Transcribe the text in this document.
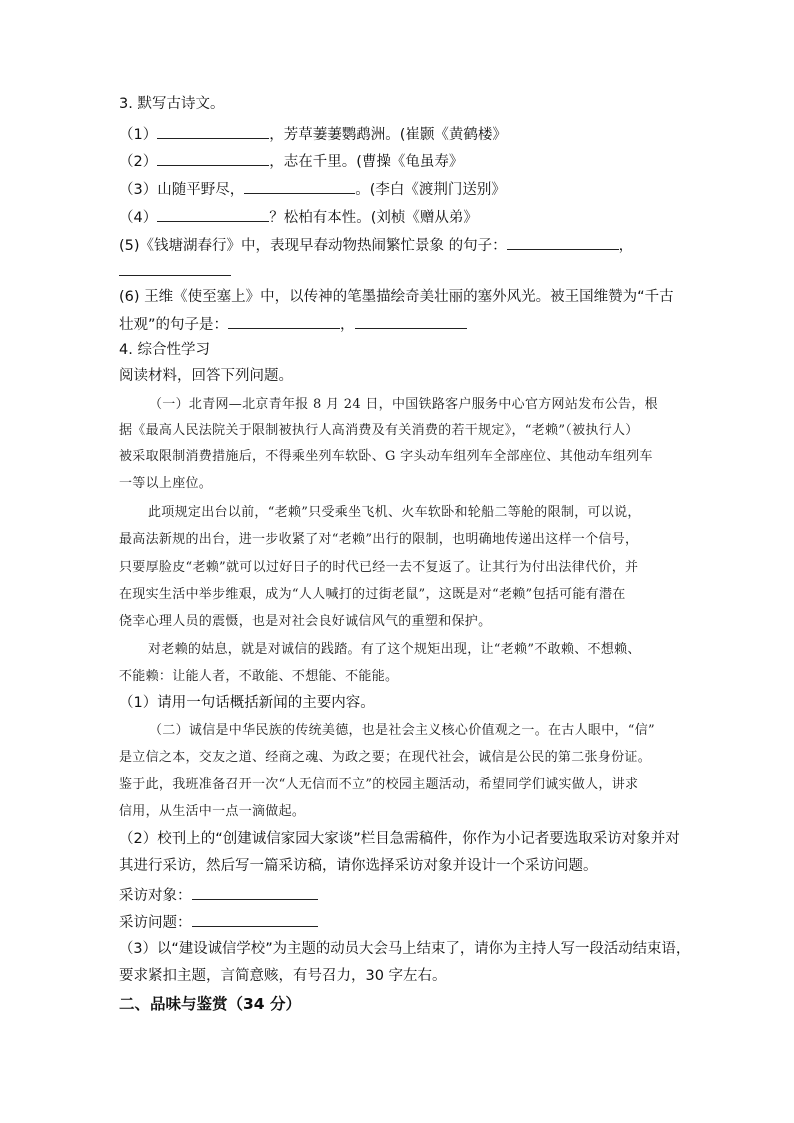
3. 默写古诗文。
（1）	，芳草萋萋鹦鹉洲。(崔颢《黄鹤楼》
（2）	，志在千里。(曹操《龟虽寿》
（3）山随平野尽，	。(李白《渡荆门送别》
（4）	？松柏有本性。(刘桢《赠从弟》
(5)《钱塘湖春行》中，表现早春动物热闹繁忙景象 的句子：	，
(6) 王维《使至塞上》中，以传神的笔墨描绘奇美壮丽的塞外风光。被王国维赞为“千古
壮观”的句子是：	，
4. 综合性学习
阅读材料，回答下列问题。
（一）北青网—北京青年报 8 月 24 日，中国铁路客户服务中心官方网站发布公告，根
据《最高人民法院关于限制被执行人高消费及有关消费的若干规定》，“老赖”（被执行人）
被采取限制消费措施后，不得乘坐列车软卧、G 字头动车组列车全部座位、其他动车组列车
一等以上座位。
此项规定出台以前，“老赖”只受乘坐飞机、火车软卧和轮船二等舱的限制，可以说，
最高法新规的出台，进一步收紧了对“老赖”出行的限制，也明确地传递出这样一个信号，
只要厚脸皮“老赖”就可以过好日子的时代已经一去不复返了。让其行为付出法律代价，并
在现实生活中举步维艰，成为“人人喊打的过街老鼠”，这既是对“老赖”包括可能有潜在
侥幸心理人员的震慑，也是对社会良好诚信风气的重塑和保护。
对老赖的姑息，就是对诚信的践踏。有了这个规矩出现，让“老赖”不敢赖、不想赖、
不能赖：让能人者，不敢能、不想能、不能能。
（1）请用一句话概括新闻的主要内容。
（二）诚信是中华民族的传统美德，也是社会主义核心价值观之一。在古人眼中，“信”
是立信之本，交友之道、经商之魂、为政之要；在现代社会，诚信是公民的第二张身份证。
鉴于此，我班准备召开一次“人无信而不立”的校园主题活动，希望同学们诚实做人，讲求
信用，从生活中一点一滴做起。
（2）校刊上的“创建诚信家园大家谈”栏目急需稿件，你作为小记者要选取采访对象并对
其进行采访，然后写一篇采访稿，请你选择采访对象并设计一个采访问题。
采访对象：
采访问题：
（3）以“建设诚信学校”为主题的动员大会马上结束了，请你为主持人写一段活动结束语，
要求紧扣主题，言简意赅，有号召力，30 字左右。
二、品味与鉴赏（34 分）
